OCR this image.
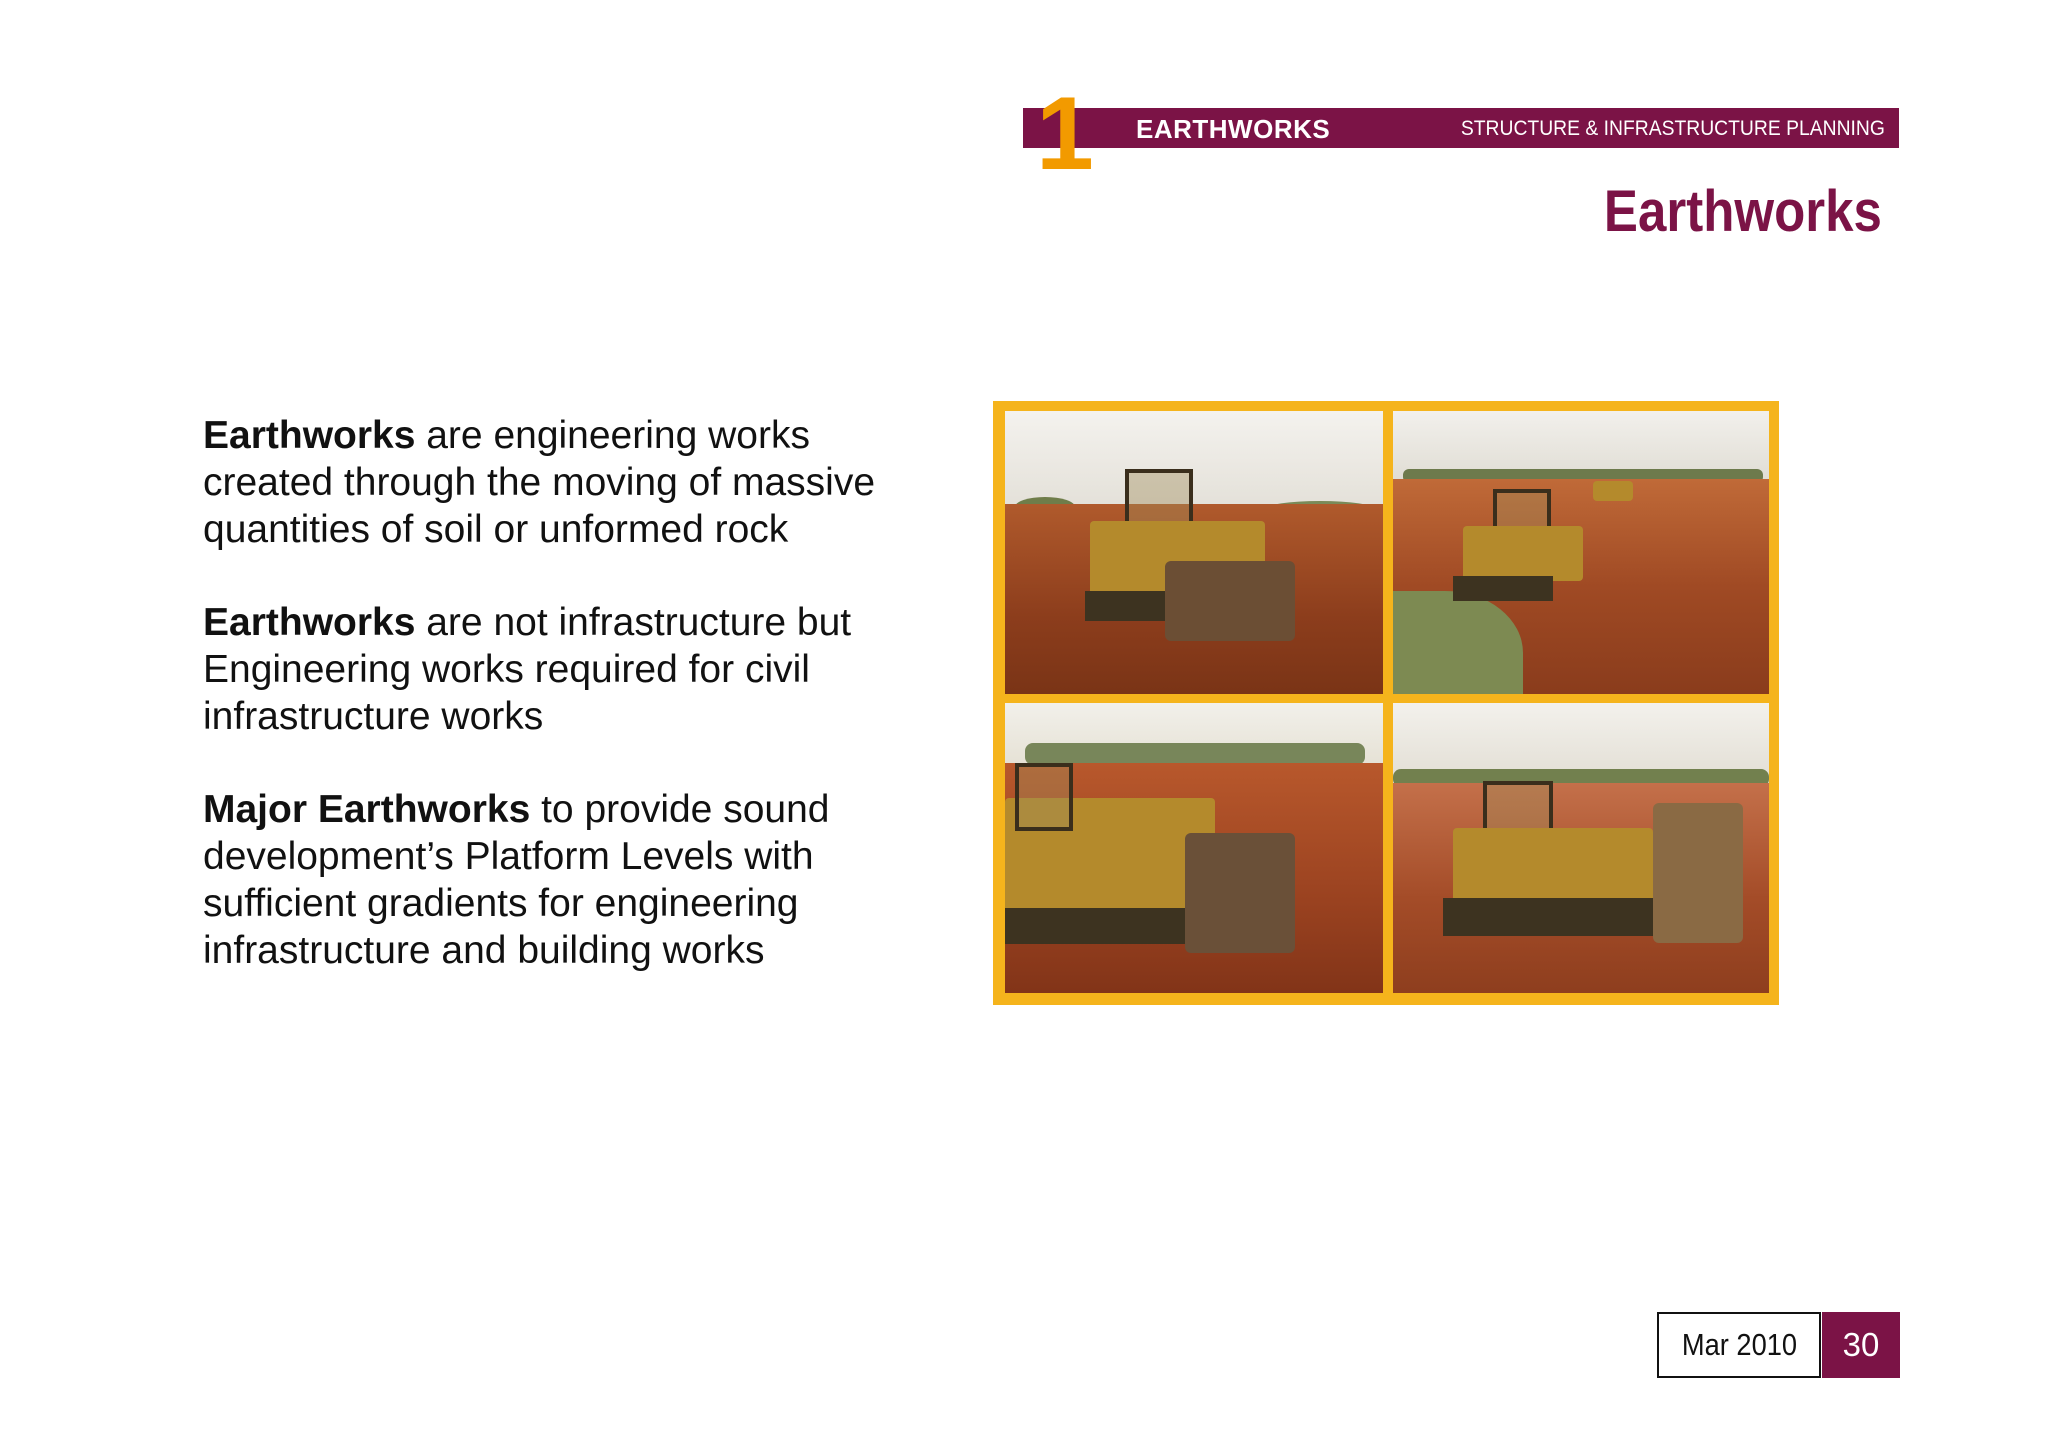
1 EARTHWORKS	STRUCTURE & INFRASTRUCTURE PLANNING
Earthworks

Earthworks are engineering works created through the moving of massive quantities of soil or unformed rock

Earthworks are not infrastructure but Engineering works required for civil infrastructure works

Major Earthworks to provide sound development’s Platform Levels with sufficient gradients for engineering infrastructure and building works

Mar 2010	30
